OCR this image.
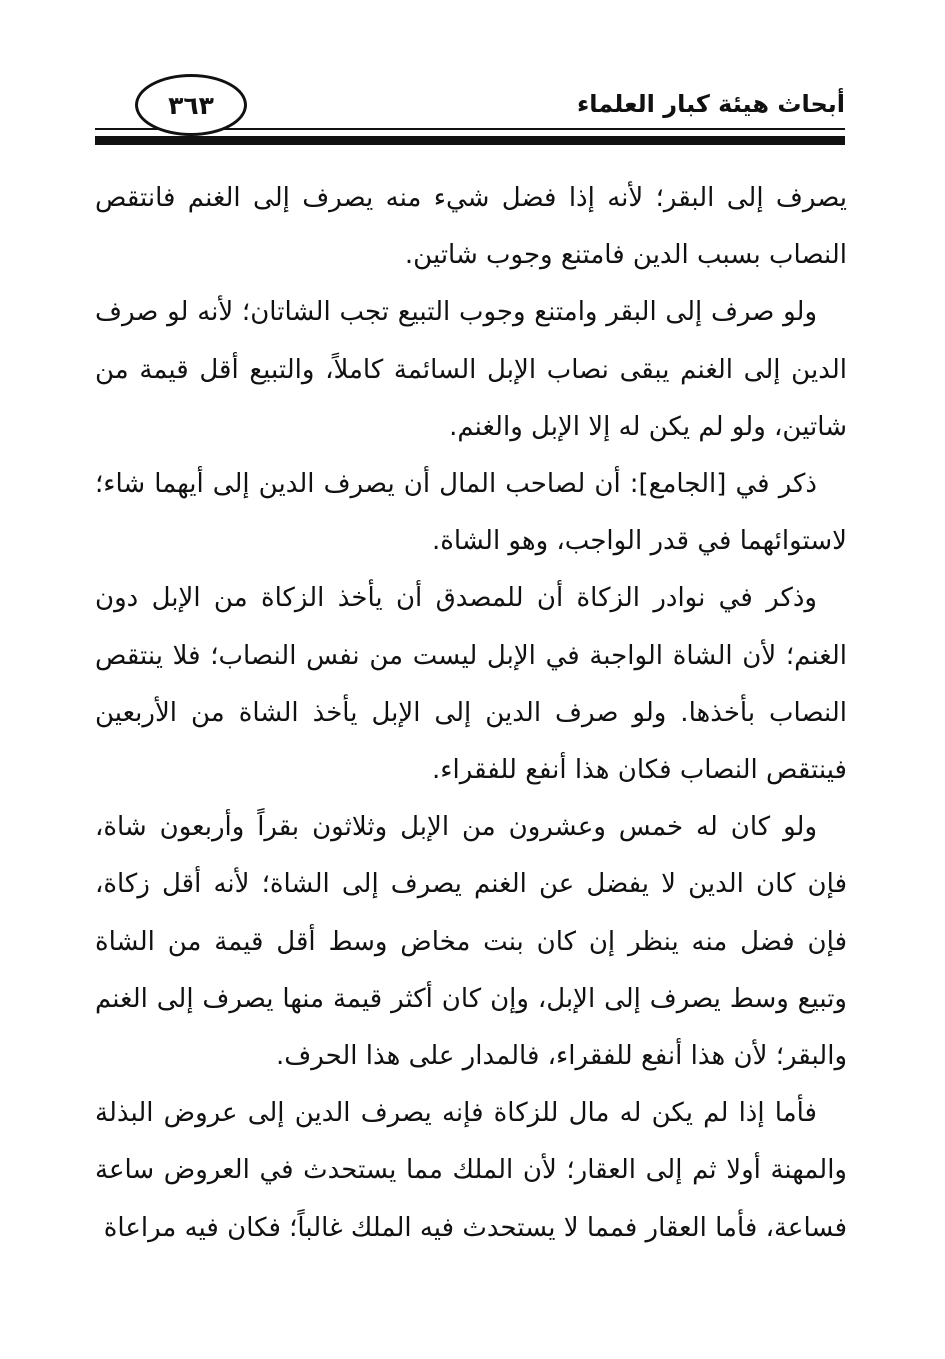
أبحاث هيئة كبار العلماء
٣٦٣

يصرف إلى البقر؛ لأنه إذا فضل شيء منه يصرف إلى الغنم فانتقص النصاب بسبب الدين فامتنع وجوب شاتين.

ولو صرف إلى البقر وامتنع وجوب التبيع تجب الشاتان؛ لأنه لو صرف الدين إلى الغنم يبقى نصاب الإبل السائمة كاملاً، والتبيع أقل قيمة من شاتين، ولو لم يكن له إلا الإبل والغنم.

ذكر في [الجامع]: أن لصاحب المال أن يصرف الدين إلى أيهما شاء؛ لاستوائهما في قدر الواجب، وهو الشاة.

وذكر في نوادر الزكاة أن للمصدق أن يأخذ الزكاة من الإبل دون الغنم؛ لأن الشاة الواجبة في الإبل ليست من نفس النصاب؛ فلا ينتقص النصاب بأخذها. ولو صرف الدين إلى الإبل يأخذ الشاة من الأربعين فينتقص النصاب فكان هذا أنفع للفقراء.

ولو كان له خمس وعشرون من الإبل وثلاثون بقراً وأربعون شاة، فإن كان الدين لا يفضل عن الغنم يصرف إلى الشاة؛ لأنه أقل زكاة، فإن فضل منه ينظر إن كان بنت مخاض وسط أقل قيمة من الشاة وتبيع وسط يصرف إلى الإبل، وإن كان أكثر قيمة منها يصرف إلى الغنم والبقر؛ لأن هذا أنفع للفقراء، فالمدار على هذا الحرف.

فأما إذا لم يكن له مال للزكاة فإنه يصرف الدين إلى عروض البذلة والمهنة أولا ثم إلى العقار؛ لأن الملك مما يستحدث في العروض ساعة فساعة، فأما العقار فمما لا يستحدث فيه الملك غالباً؛ فكان فيه مراعاة
